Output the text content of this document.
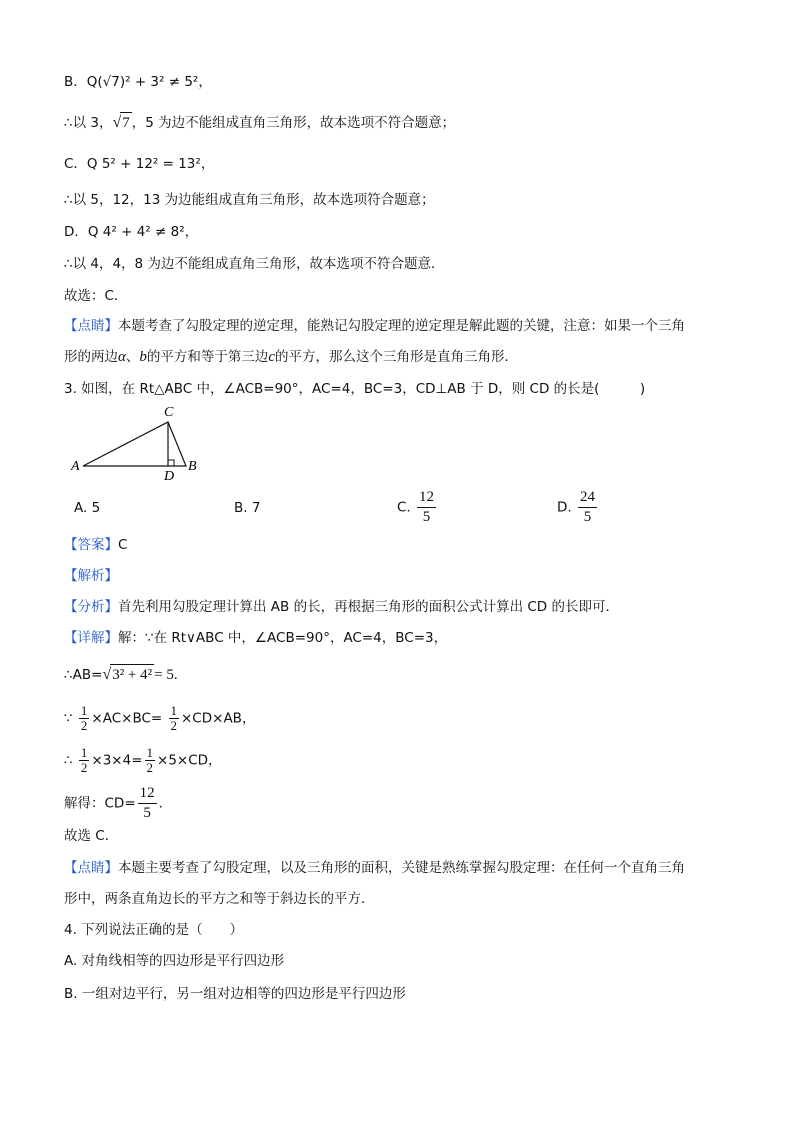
B．Q(√7)² + 3² ≠ 5²，
∴以 3，√7 ，5 为边不能组成直角三角形，故本选项不符合题意；
C．Q 5² + 12² = 13²，
∴以 5，12，13 为边能组成直角三角形，故本选项符合题意；
D．Q 4² + 4² ≠ 8²，
∴以 4，4，8 为边不能组成直角三角形，故本选项不符合题意．
故选：C．
【点睛】本题考查了勾股定理的逆定理，能熟记勾股定理的逆定理是解此题的关键，注意：如果一个三角
形的两边α、b的平方和等于第三边c的平方，那么这个三角形是直角三角形．
3. 如图，在 Rt△ABC 中，∠ACB=90°，AC=4，BC=3，CD⊥AB 于 D，则 CD 的长是(　　　)
C
A
D
B
A. 5	B. 7	C. $\frac{12}{5}$	D. $\frac{24}{5}$
【答案】C
【解析】
【分析】首先利用勾股定理计算出 AB 的长，再根据三角形的面积公式计算出 CD 的长即可．
【详解】解：∵在 Rt∨ABC 中，∠ACB=90°，AC=4，BC=3，
∴AB=√3² + 4² = 5.
∵ $\frac{1}{2} \times AC\times BC= \frac{1}{2} \times CD\times AB$，
∴ $\frac{1}{2} \times 3\times 4= \frac{1}{2} \times 5\times CD$，
解得：$CD= \frac{12}{5}$ .
故选 C．
【点睛】本题主要考查了勾股定理，以及三角形的面积，关键是熟练掌握勾股定理：在任何一个直角三角
形中，两条直角边长的平方之和等于斜边长的平方．
4. 下列说法正确的是（　　）
A. 对角线相等的四边形是平行四边形
B. 一组对边平行，另一组对边相等的四边形是平行四边形
